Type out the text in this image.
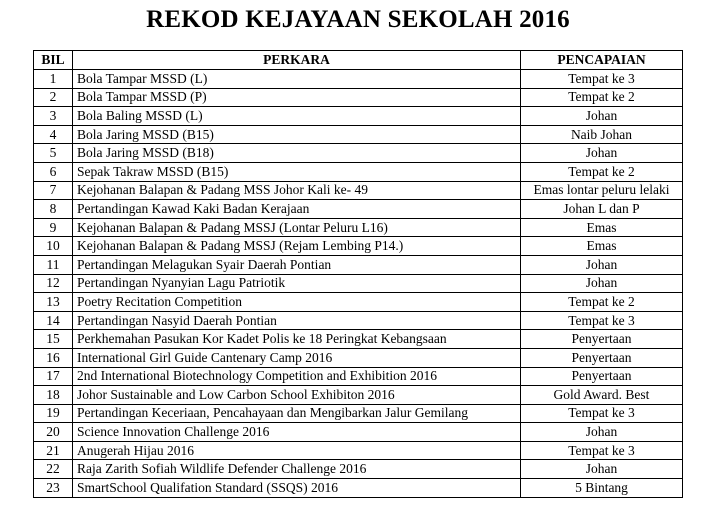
REKOD KEJAYAAN SEKOLAH 2016
BIL	PERKARA	PENCAPAIAN
1	Bola Tampar MSSD (L)	Tempat ke 3
2	Bola Tampar MSSD (P)	Tempat ke 2
3	Bola Baling MSSD (L)	Johan
4	Bola Jaring MSSD (B15)	Naib Johan
5	Bola Jaring MSSD (B18)	Johan
6	Sepak Takraw MSSD (B15)	Tempat ke 2
7	Kejohanan Balapan & Padang MSS Johor Kali ke- 49	Emas lontar peluru lelaki
8	Pertandingan Kawad Kaki Badan Kerajaan	Johan L dan P
9	Kejohanan Balapan & Padang MSSJ (Lontar Peluru L16)	Emas
10	Kejohanan Balapan & Padang MSSJ (Rejam Lembing P14.)	Emas
11	Pertandingan Melagukan Syair Daerah Pontian	Johan
12	Pertandingan Nyanyian Lagu Patriotik	Johan
13	Poetry Recitation Competition	Tempat ke 2
14	Pertandingan Nasyid Daerah Pontian	Tempat ke 3
15	Perkhemahan Pasukan Kor Kadet Polis ke 18 Peringkat Kebangsaan	Penyertaan
16	International Girl Guide Cantenary Camp 2016	Penyertaan
17	2nd International Biotechnology Competition and Exhibition 2016	Penyertaan
18	Johor Sustainable and Low Carbon School Exhibiton 2016	Gold Award. Best
19	Pertandingan Keceriaan, Pencahayaan dan Mengibarkan Jalur Gemilang	Tempat ke 3
20	Science Innovation Challenge 2016	Johan
21	Anugerah Hijau 2016	Tempat ke 3
22	Raja Zarith Sofiah Wildlife Defender Challenge 2016	Johan
23	SmartSchool Qualifation Standard (SSQS) 2016	5 Bintang
